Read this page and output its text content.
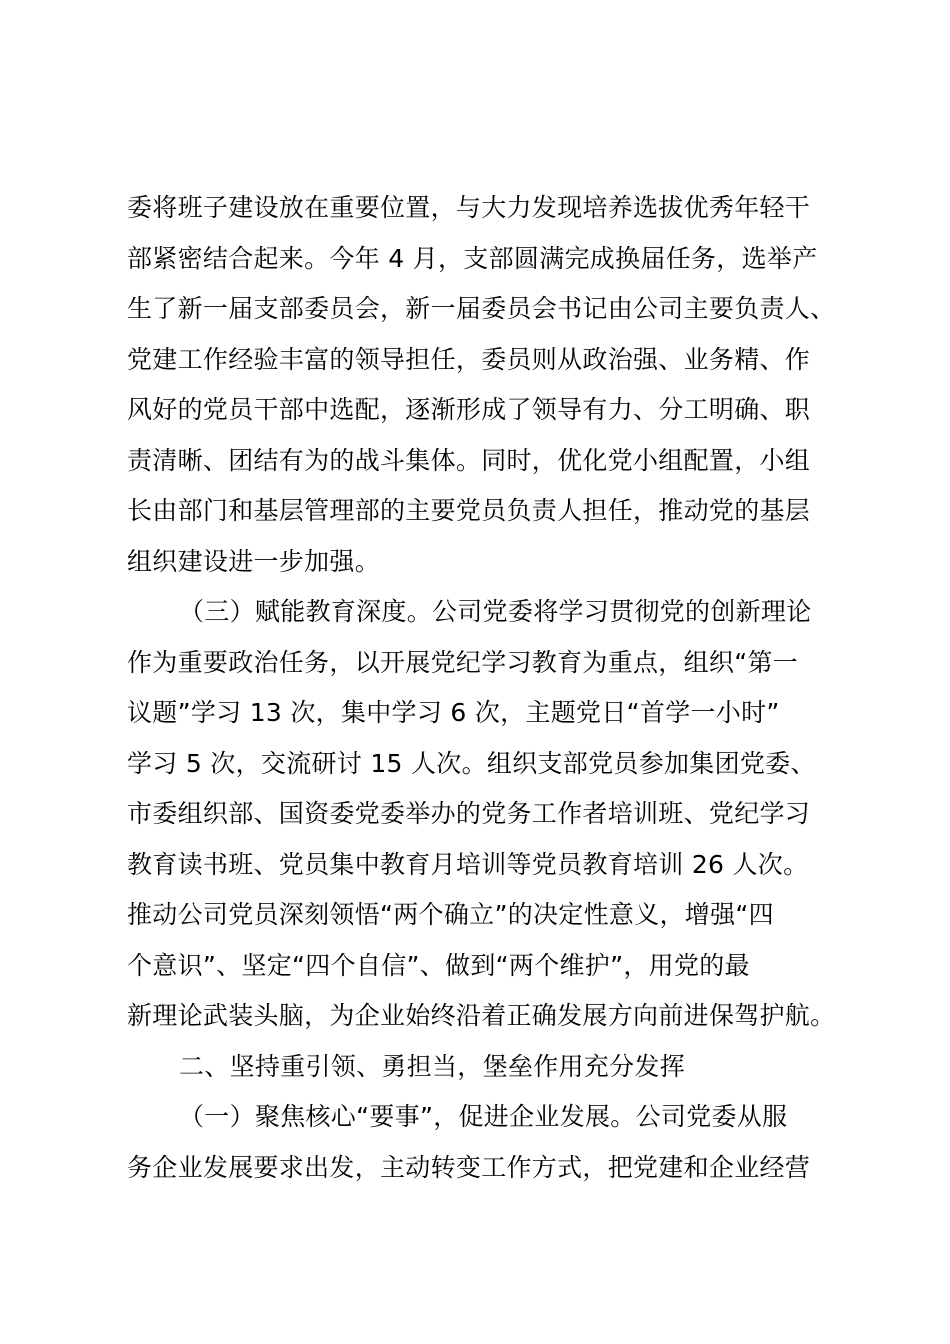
委将班子建设放在重要位置，与大力发现培养选拔优秀年轻干
部紧密结合起来。今年 4 月，支部圆满完成换届任务，选举产
生了新一届支部委员会，新一届委员会书记由公司主要负责人、
党建工作经验丰富的领导担任，委员则从政治强、业务精、作
风好的党员干部中选配，逐渐形成了领导有力、分工明确、职
责清晰、团结有为的战斗集体。同时，优化党小组配置，小组
长由部门和基层管理部的主要党员负责人担任，推动党的基层
组织建设进一步加强。
（三）赋能教育深度。公司党委将学习贯彻党的创新理论
作为重要政治任务，以开展党纪学习教育为重点，组织“第一
议题”学习 13 次，集中学习 6 次，主题党日“首学一小时”
学习 5 次，交流研讨 15 人次。组织支部党员参加集团党委、
市委组织部、国资委党委举办的党务工作者培训班、党纪学习
教育读书班、党员集中教育月培训等党员教育培训 26 人次。
推动公司党员深刻领悟“两个确立”的决定性意义，增强“四
个意识”、坚定“四个自信”、做到“两个维护”，用党的最
新理论武装头脑，为企业始终沿着正确发展方向前进保驾护航。
二、坚持重引领、勇担当，堡垒作用充分发挥
（一）聚焦核心“要事”，促进企业发展。公司党委从服
务企业发展要求出发，主动转变工作方式，把党建和企业经营
